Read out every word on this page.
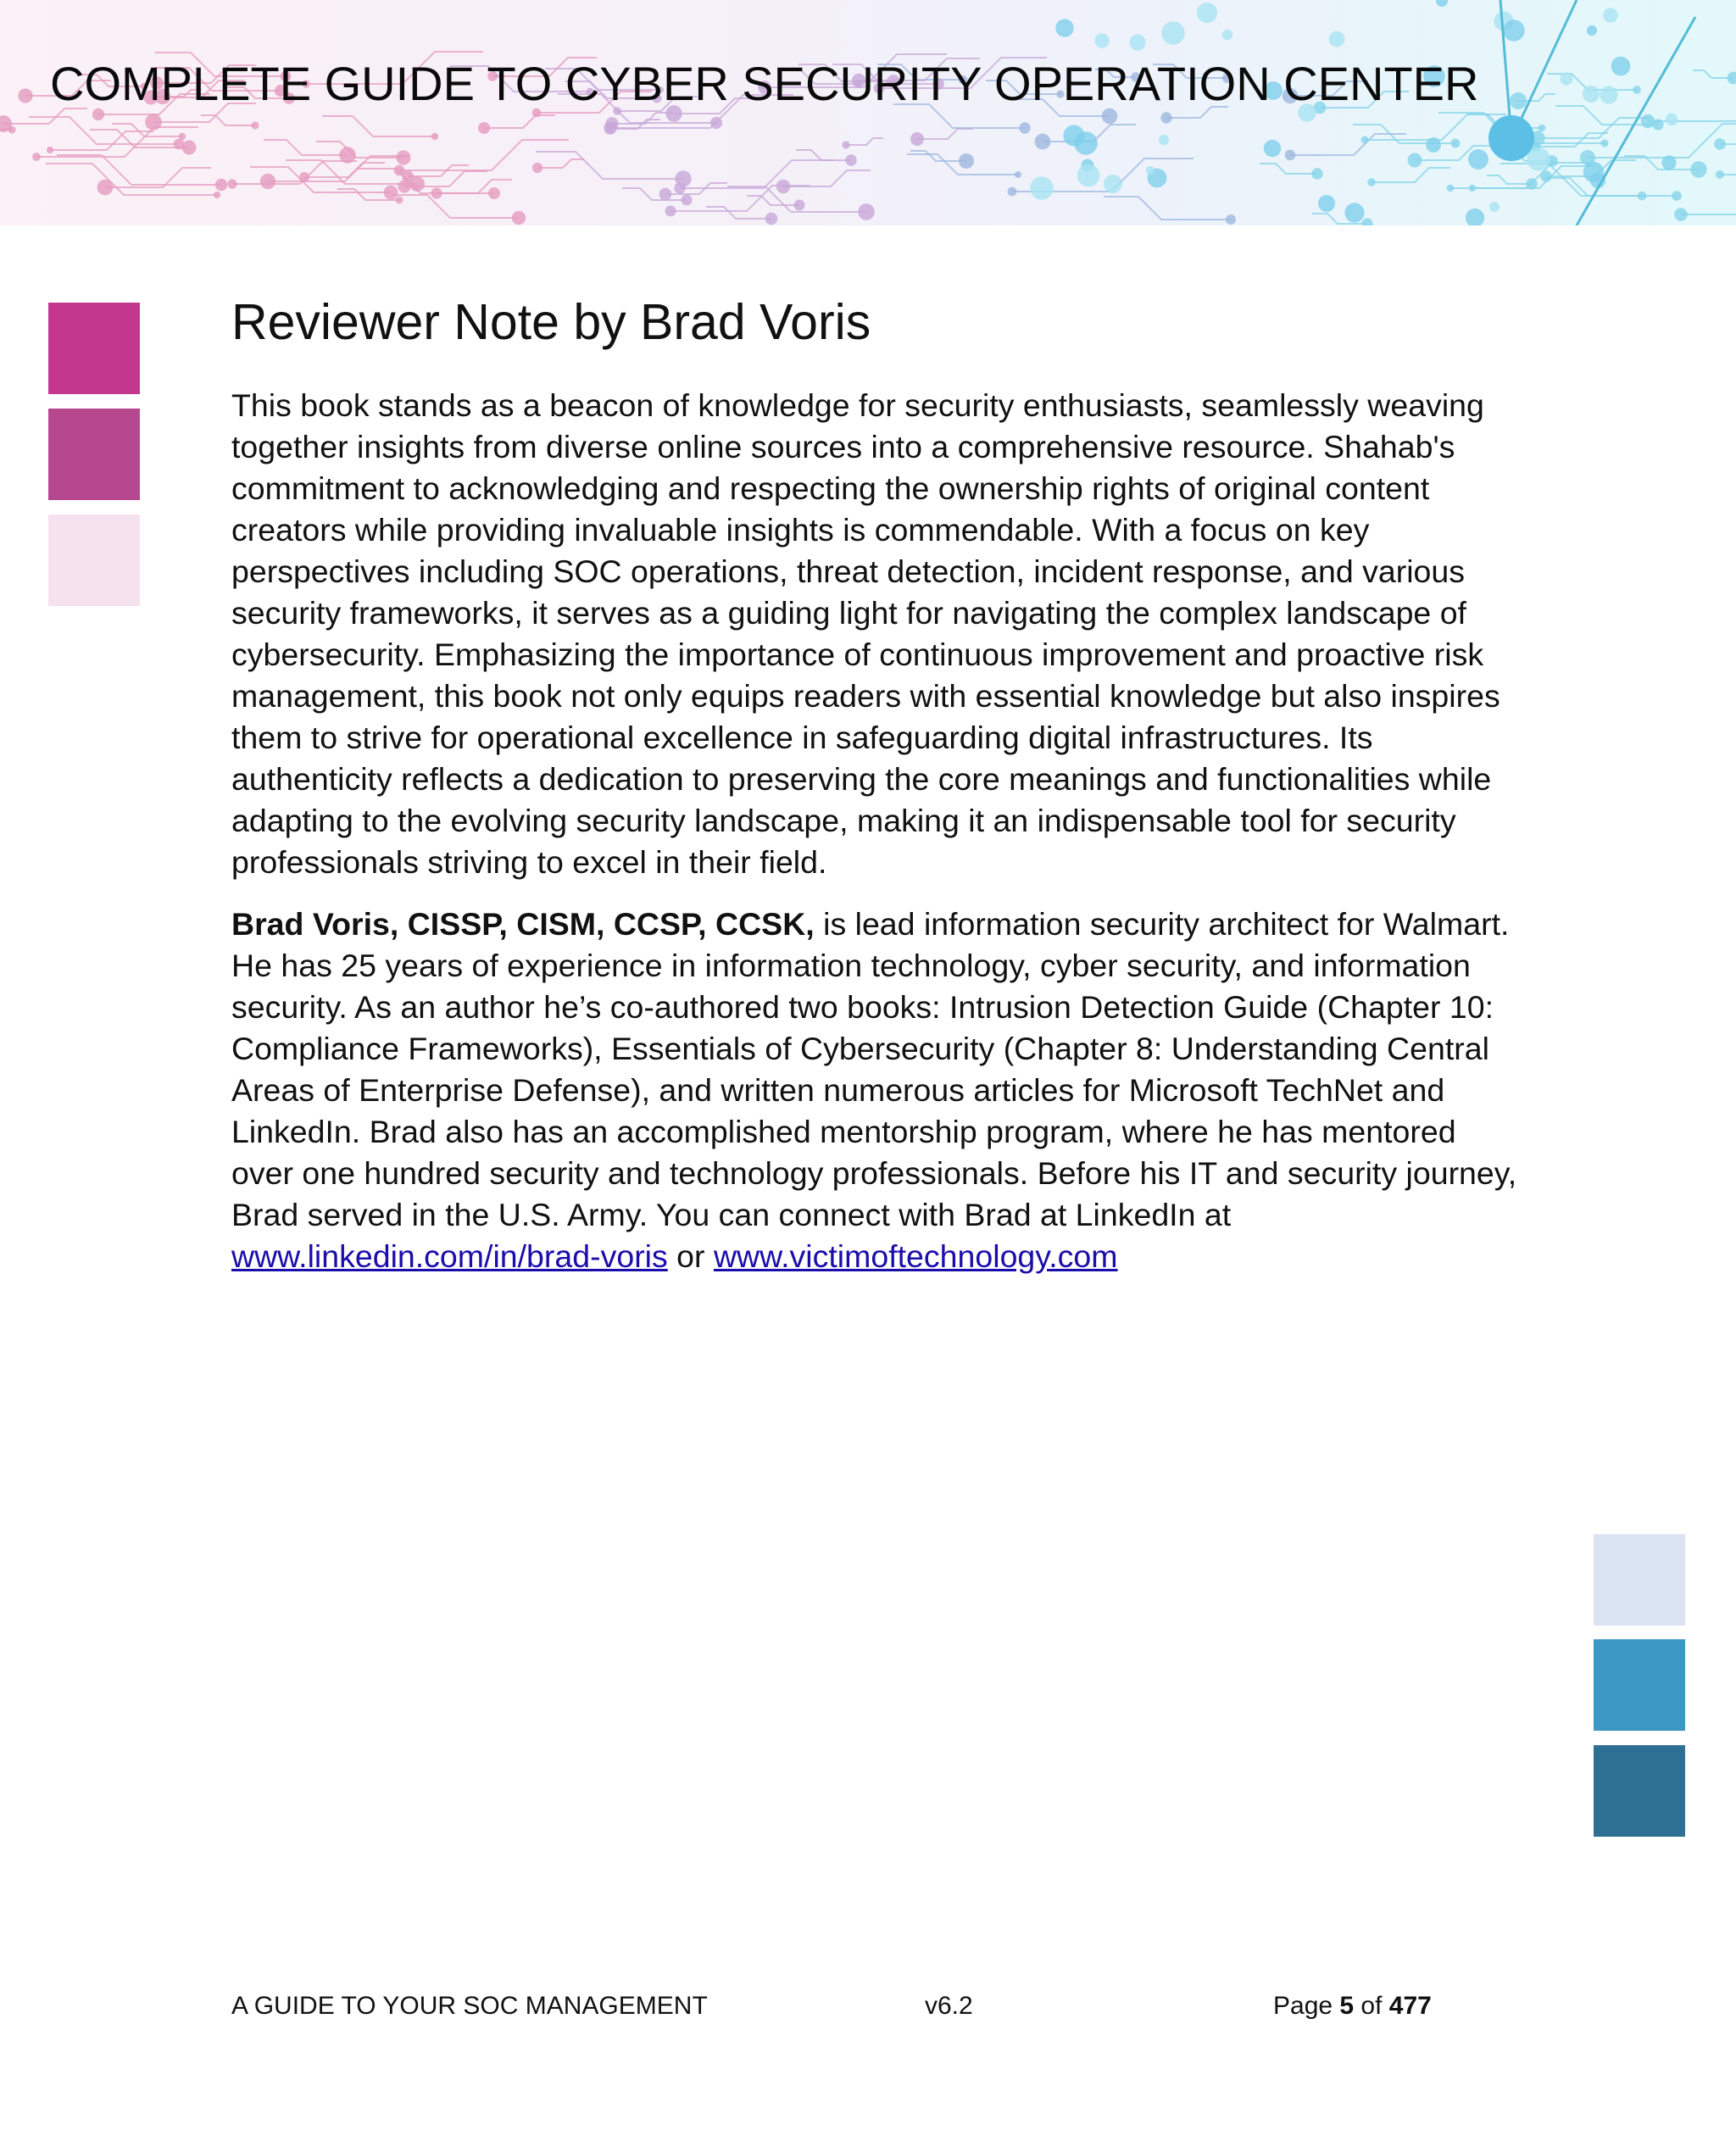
COMPLETE GUIDE TO CYBER SECURITY OPERATION CENTER
Reviewer Note by Brad Voris

This book stands as a beacon of knowledge for security enthusiasts, seamlessly weaving together insights from diverse online sources into a comprehensive resource. Shahab's commitment to acknowledging and respecting the ownership rights of original content creators while providing invaluable insights is commendable. With a focus on key perspectives including SOC operations, threat detection, incident response, and various security frameworks, it serves as a guiding light for navigating the complex landscape of cybersecurity. Emphasizing the importance of continuous improvement and proactive risk management, this book not only equips readers with essential knowledge but also inspires them to strive for operational excellence in safeguarding digital infrastructures. Its authenticity reflects a dedication to preserving the core meanings and functionalities while adapting to the evolving security landscape, making it an indispensable tool for security professionals striving to excel in their field.

Brad Voris, CISSP, CISM, CCSP, CCSK, is lead information security architect for Walmart. He has 25 years of experience in information technology, cyber security, and information security. As an author he’s co-authored two books: Intrusion Detection Guide (Chapter 10: Compliance Frameworks), Essentials of Cybersecurity (Chapter 8: Understanding Central Areas of Enterprise Defense), and written numerous articles for Microsoft TechNet and LinkedIn. Brad also has an accomplished mentorship program, where he has mentored over one hundred security and technology professionals. Before his IT and security journey, Brad served in the U.S. Army. You can connect with Brad at LinkedIn at www.linkedin.com/in/brad-voris or www.victimoftechnology.com

A GUIDE TO YOUR SOC MANAGEMENT	v6.2	Page 5 of 477
